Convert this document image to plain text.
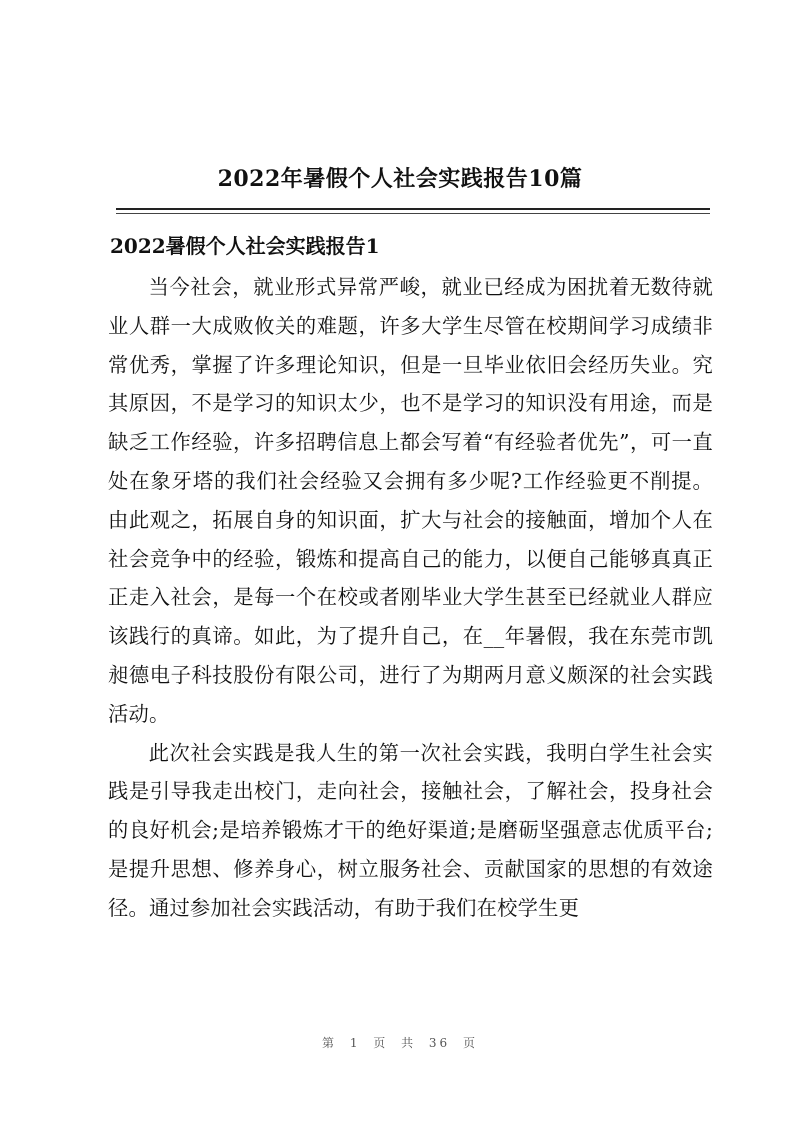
2022年暑假个人社会实践报告10篇
2022暑假个人社会实践报告1

当今社会，就业形式异常严峻，就业已经成为困扰着无数待就业人群一大成败攸关的难题，许多大学生尽管在校期间学习成绩非常优秀，掌握了许多理论知识，但是一旦毕业依旧会经历失业。究其原因，不是学习的知识太少，也不是学习的知识没有用途，而是缺乏工作经验，许多招聘信息上都会写着“有经验者优先”，可一直处在象牙塔的我们社会经验又会拥有多少呢?工作经验更不削提。由此观之，拓展自身的知识面，扩大与社会的接触面，增加个人在社会竞争中的经验，锻炼和提高自己的能力，以便自己能够真真正正走入社会，是每一个在校或者刚毕业大学生甚至已经就业人群应该践行的真谛。如此，为了提升自己，在__年暑假，我在东莞市凯昶德电子科技股份有限公司，进行了为期两月意义颇深的社会实践活动。

此次社会实践是我人生的第一次社会实践，我明白学生社会实践是引导我走出校门，走向社会，接触社会，了解社会，投身社会的良好机会;是培养锻炼才干的绝好渠道;是磨砺坚强意志优质平台;是提升思想、修养身心，树立服务社会、贡献国家的思想的有效途径。通过参加社会实践活动，有助于我们在校学生更

第 1 页 共 36 页
